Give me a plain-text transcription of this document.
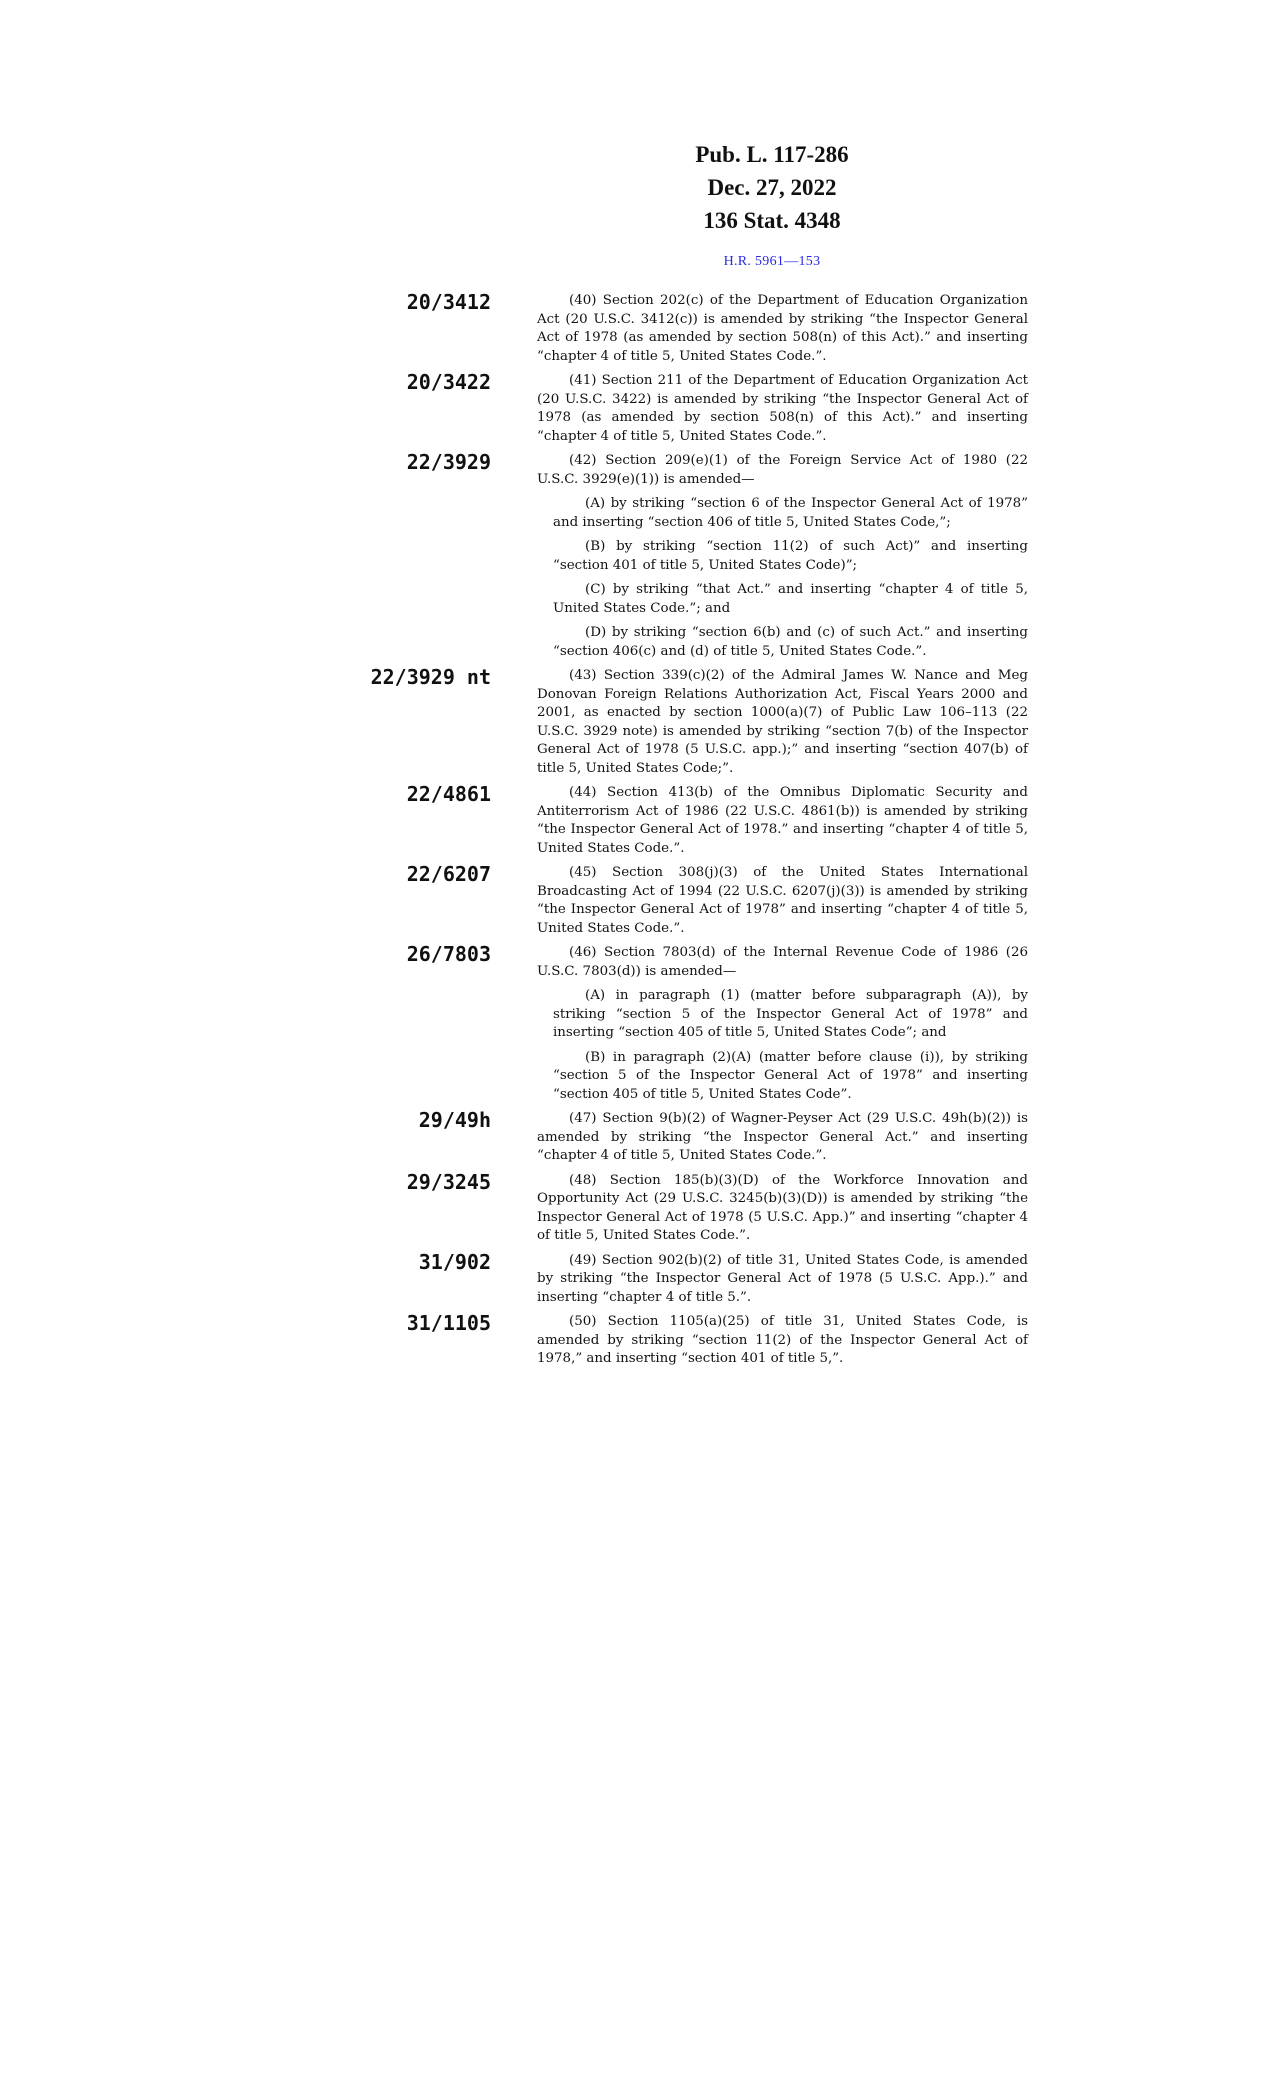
Pub. L. 117-286
Dec. 27, 2022
136 Stat. 4348
H.R. 5961—153
20/3412	(40) Section 202(c) of the Department of Education Organization Act (20 U.S.C. 3412(c)) is amended by striking “the Inspector General Act of 1978 (as amended by section 508(n) of this Act).” and inserting “chapter 4 of title 5, United States Code.”.

20/3422	(41) Section 211 of the Department of Education Organization Act (20 U.S.C. 3422) is amended by striking “the Inspector General Act of 1978 (as amended by section 508(n) of this Act).” and inserting “chapter 4 of title 5, United States Code.”.

22/3929	(42) Section 209(e)(1) of the Foreign Service Act of 1980 (22 U.S.C. 3929(e)(1)) is amended—

(A) by striking “section 6 of the Inspector General Act of 1978” and inserting “section 406 of title 5, United States Code,”;

(B) by striking “section 11(2) of such Act)” and inserting “section 401 of title 5, United States Code)”;

(C) by striking “that Act.” and inserting “chapter 4 of title 5, United States Code.”; and

(D) by striking “section 6(b) and (c) of such Act.” and inserting “section 406(c) and (d) of title 5, United States Code.”.

22/3929 nt	(43) Section 339(c)(2) of the Admiral James W. Nance and Meg Donovan Foreign Relations Authorization Act, Fiscal Years 2000 and 2001, as enacted by section 1000(a)(7) of Public Law 106–113 (22 U.S.C. 3929 note) is amended by striking “section 7(b) of the Inspector General Act of 1978 (5 U.S.C. app.);” and inserting “section 407(b) of title 5, United States Code;”.

22/4861	(44) Section 413(b) of the Omnibus Diplomatic Security and Antiterrorism Act of 1986 (22 U.S.C. 4861(b)) is amended by striking “the Inspector General Act of 1978.” and inserting “chapter 4 of title 5, United States Code.”.

22/6207	(45) Section 308(j)(3) of the United States International Broadcasting Act of 1994 (22 U.S.C. 6207(j)(3)) is amended by striking “the Inspector General Act of 1978” and inserting “chapter 4 of title 5, United States Code.”.

26/7803	(46) Section 7803(d) of the Internal Revenue Code of 1986 (26 U.S.C. 7803(d)) is amended—

(A) in paragraph (1) (matter before subparagraph (A)), by striking “section 5 of the Inspector General Act of 1978” and inserting “section 405 of title 5, United States Code”; and

(B) in paragraph (2)(A) (matter before clause (i)), by striking “section 5 of the Inspector General Act of 1978” and inserting “section 405 of title 5, United States Code”.

29/49h	(47) Section 9(b)(2) of Wagner-Peyser Act (29 U.S.C. 49h(b)(2)) is amended by striking “the Inspector General Act.” and inserting “chapter 4 of title 5, United States Code.”.

29/3245	(48) Section 185(b)(3)(D) of the Workforce Innovation and Opportunity Act (29 U.S.C. 3245(b)(3)(D)) is amended by striking “the Inspector General Act of 1978 (5 U.S.C. App.)” and inserting “chapter 4 of title 5, United States Code.”.

31/902	(49) Section 902(b)(2) of title 31, United States Code, is amended by striking “the Inspector General Act of 1978 (5 U.S.C. App.).” and inserting “chapter 4 of title 5.”.

31/1105	(50) Section 1105(a)(25) of title 31, United States Code, is amended by striking “section 11(2) of the Inspector General Act of 1978,” and inserting “section 401 of title 5,”.
